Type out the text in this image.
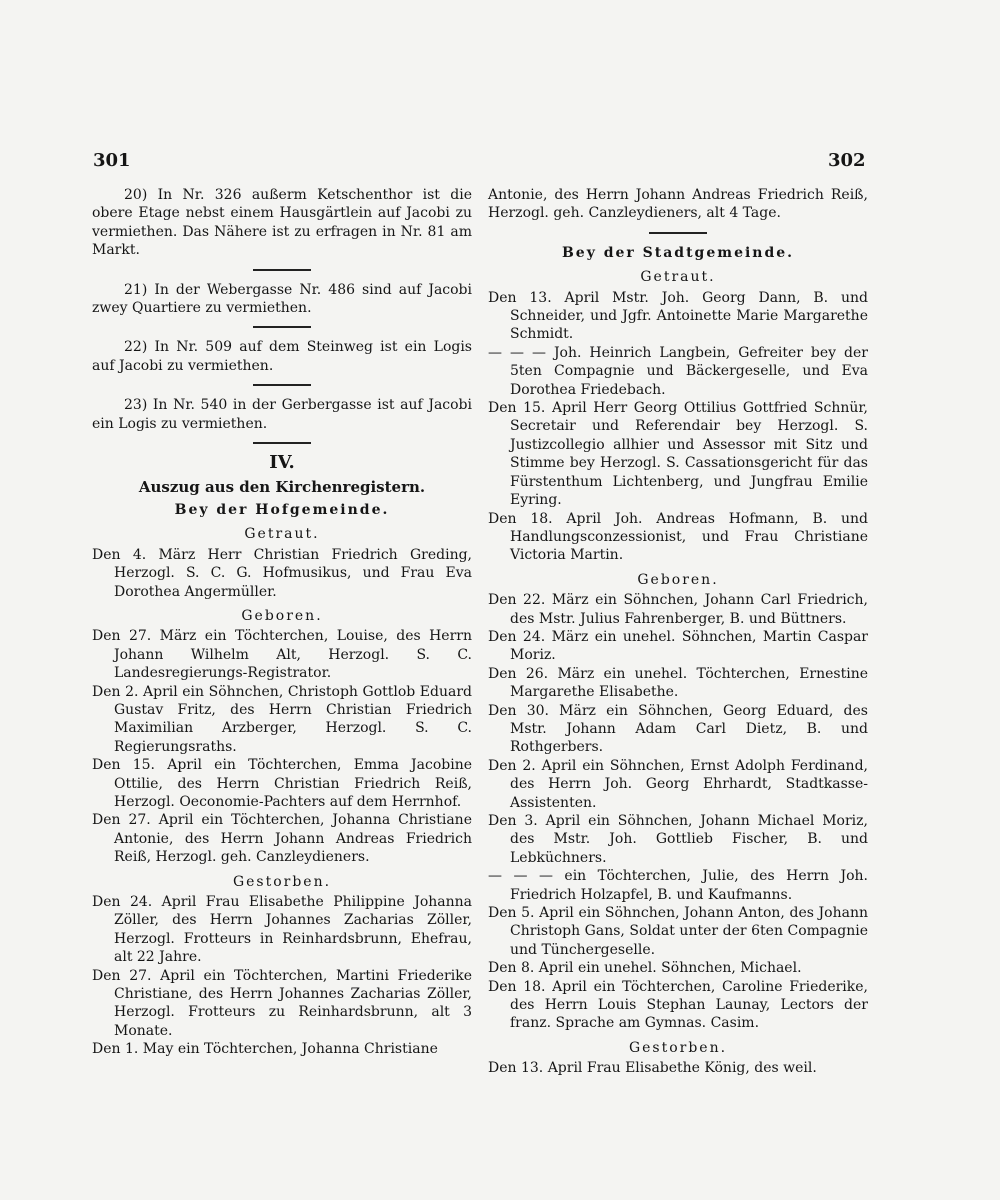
301	302
20) In Nr. 326 außerm Ketschenthor ist die obere Etage nebst einem Hausgärtlein auf Jacobi zu vermiethen. Das Nähere ist zu erfragen in Nr. 81 am Markt.
21) In der Webergasse Nr. 486 sind auf Jacobi zwey Quartiere zu vermiethen.
22) In Nr. 509 auf dem Steinweg ist ein Logis auf Jacobi zu vermiethen.
23) In Nr. 540 in der Gerbergasse ist auf Jacobi ein Logis zu vermiethen.
IV.
Auszug aus den Kirchenregistern.
Bey der Hofgemeinde.
Getraut.
Den 4. März Herr Christian Friedrich Greding, Herzogl. S. C. G. Hofmusikus, und Frau Eva Dorothea Angermüller.
Geboren.
Den 27. März ein Töchterchen, Louise, des Herrn Johann Wilhelm Alt, Herzogl. S. C. Landesregierungs-Registrator.
Den 2. April ein Söhnchen, Christoph Gottlob Eduard Gustav Fritz, des Herrn Christian Friedrich Maximilian Arzberger, Herzogl. S. C. Regierungsraths.
Den 15. April ein Töchterchen, Emma Jacobine Ottilie, des Herrn Christian Friedrich Reiß, Herzogl. Oeconomie-Pachters auf dem Herrnhof.
Den 27. April ein Töchterchen, Johanna Christiane Antonie, des Herrn Johann Andreas Friedrich Reiß, Herzogl. geh. Canzleydieners.
Gestorben.
Den 24. April Frau Elisabethe Philippine Johanna Zöller, des Herrn Johannes Zacharias Zöller, Herzogl. Frotteurs in Reinhardsbrunn, Ehefrau, alt 22 Jahre.
Den 27. April ein Töchterchen, Martini Friederike Christiane, des Herrn Johannes Zacharias Zöller, Herzogl. Frotteurs zu Reinhardsbrunn, alt 3 Monate.
Den 1. May ein Töchterchen, Johanna Christiane
Antonie, des Herrn Johann Andreas Friedrich Reiß, Herzogl. geh. Canzleydieners, alt 4 Tage.
Bey der Stadtgemeinde.
Getraut.
Den 13. April Mstr. Joh. Georg Dann, B. und Schneider, und Jgfr. Antoinette Marie Margarethe Schmidt.
— — — Joh. Heinrich Langbein, Gefreiter bey der 5ten Compagnie und Bäckergeselle, und Eva Dorothea Friedebach.
Den 15. April Herr Georg Ottilius Gottfried Schnür, Secretair und Referendair bey Herzogl. S. Justizcollegio allhier und Assessor mit Sitz und Stimme bey Herzogl. S. Cassationsgericht für das Fürstenthum Lichtenberg, und Jungfrau Emilie Eyring.
Den 18. April Joh. Andreas Hofmann, B. und Handlungsconzessionist, und Frau Christiane Victoria Martin.
Geboren.
Den 22. März ein Söhnchen, Johann Carl Friedrich, des Mstr. Julius Fahrenberger, B. und Büttners.
Den 24. März ein unehel. Söhnchen, Martin Caspar Moriz.
Den 26. März ein unehel. Töchterchen, Ernestine Margarethe Elisabethe.
Den 30. März ein Söhnchen, Georg Eduard, des Mstr. Johann Adam Carl Dietz, B. und Rothgerbers.
Den 2. April ein Söhnchen, Ernst Adolph Ferdinand, des Herrn Joh. Georg Ehrhardt, Stadtkasse-Assistenten.
Den 3. April ein Söhnchen, Johann Michael Moriz, des Mstr. Joh. Gottlieb Fischer, B. und Lebküchners.
— — — ein Töchterchen, Julie, des Herrn Joh. Friedrich Holzapfel, B. und Kaufmanns.
Den 5. April ein Söhnchen, Johann Anton, des Johann Christoph Gans, Soldat unter der 6ten Compagnie und Tünchergeselle.
Den 8. April ein unehel. Söhnchen, Michael.
Den 18. April ein Töchterchen, Caroline Friederike, des Herrn Louis Stephan Launay, Lectors der franz. Sprache am Gymnas. Casim.
Gestorben.
Den 13. April Frau Elisabethe König, des weil.
